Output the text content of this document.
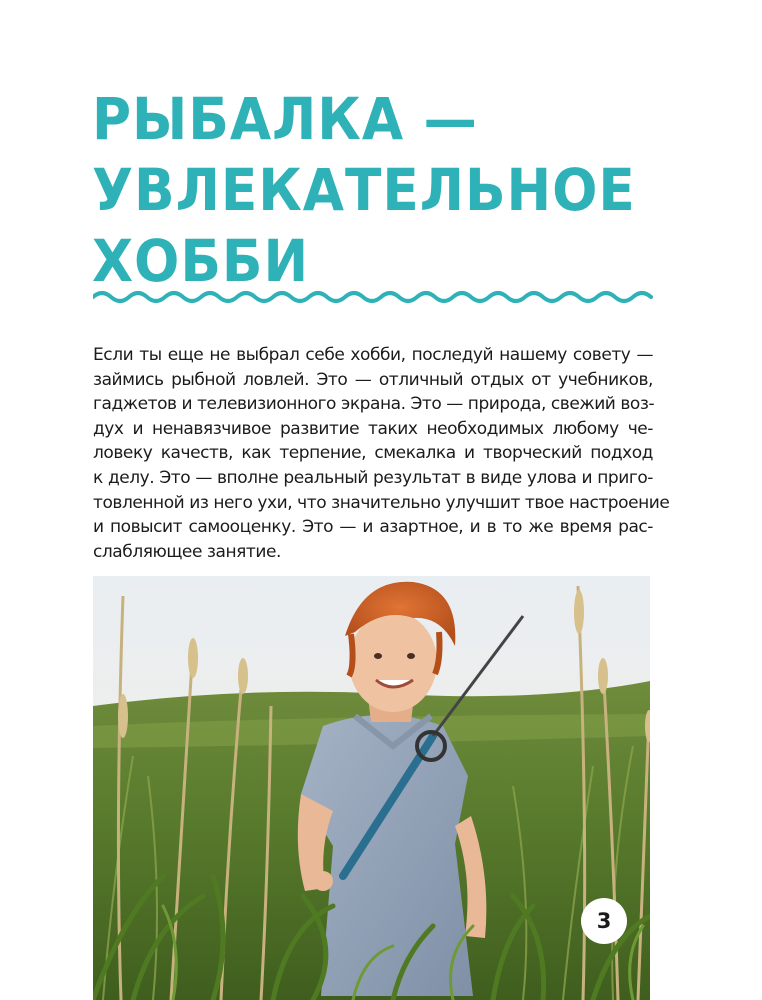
РЫБАЛКА —
УВЛЕКАТЕЛЬНОЕ
ХОББИ

Если ты еще не выбрал себе хобби, последуй нашему совету —
займись рыбной ловлей. Это — отличный отдых от учебников,
гаджетов и телевизионного экрана. Это — природа, свежий воз-
дух и ненавязчивое развитие таких необходимых любому че-
ловеку качеств, как терпение, смекалка и творческий подход
к делу. Это — вполне реальный результат в виде улова и приго-
товленной из него ухи, что значительно улучшит твое настроение
и повысит самооценку. Это — и азартное, и в то же время рас-
слабляющее занятие.

3
